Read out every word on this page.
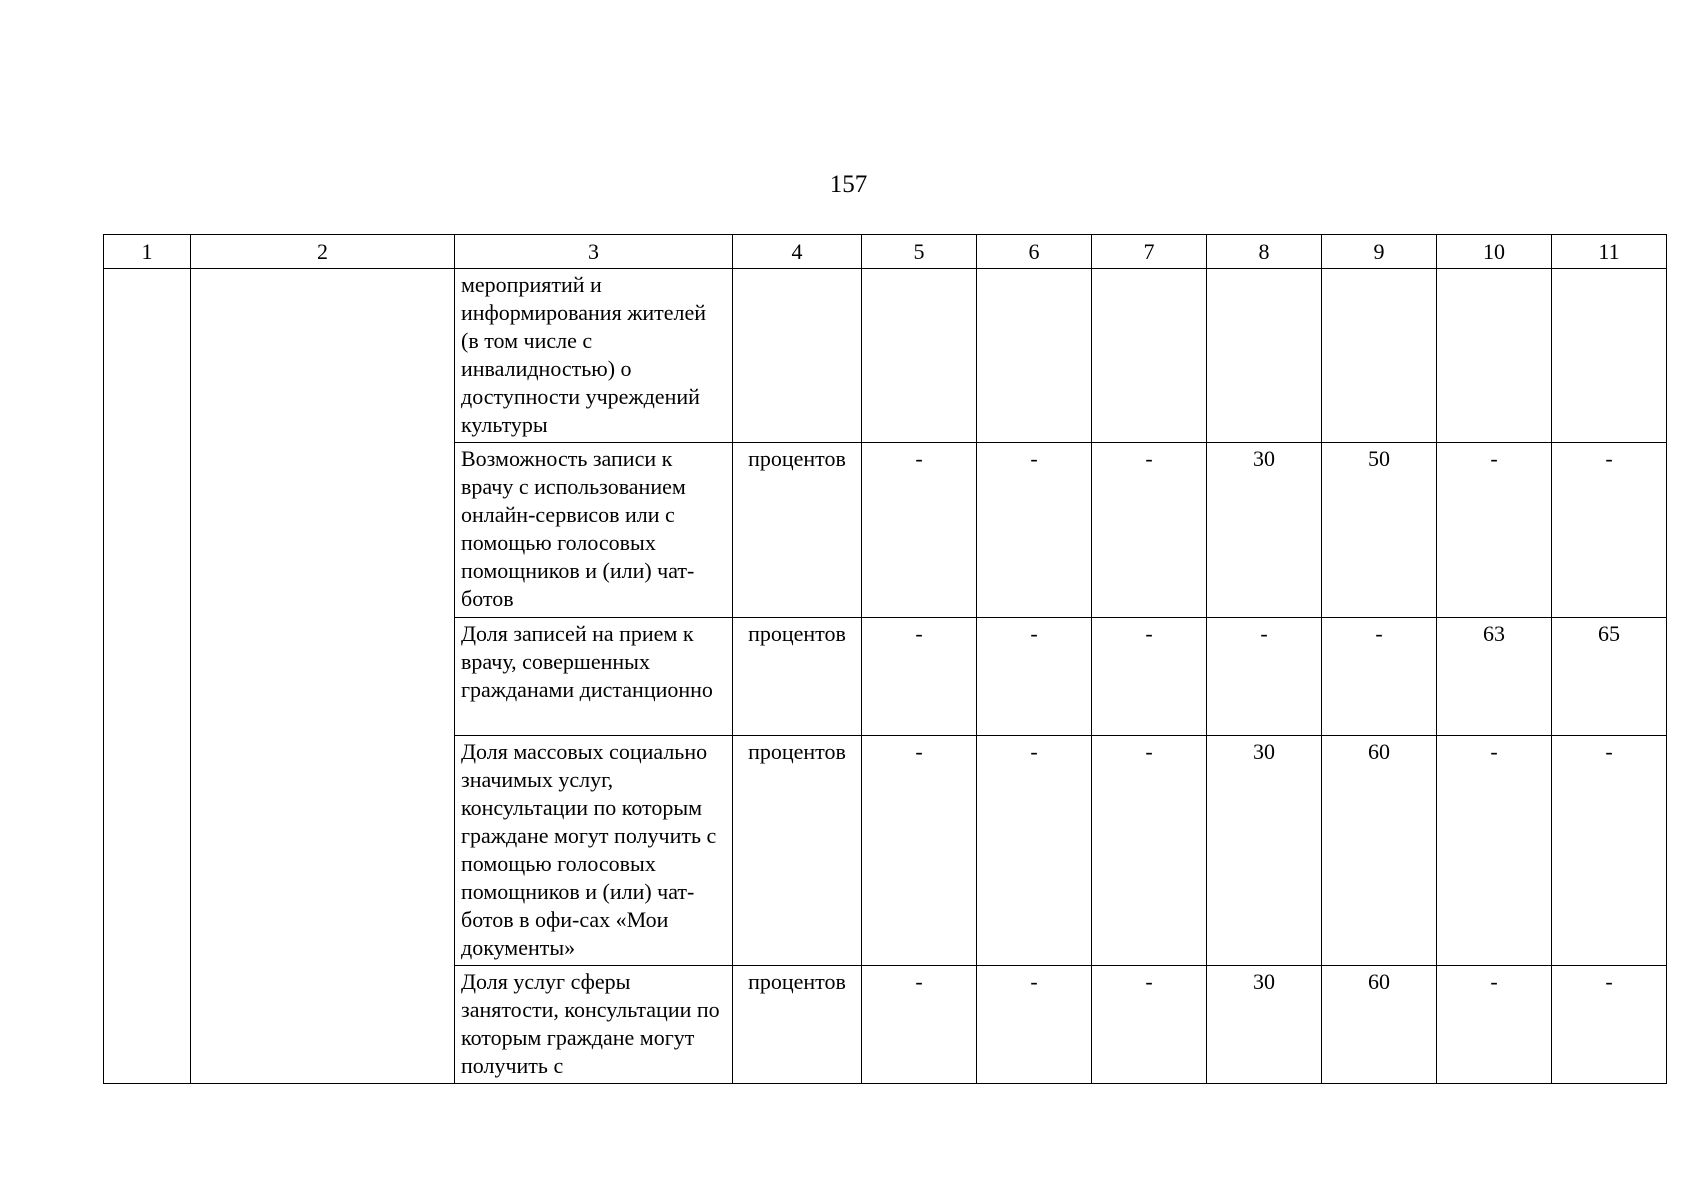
157
1	2	3	4	5	6	7	8	9	10	11
		мероприятий и информирования жителей (в том числе с инвалидностью) о доступности учреждений культуры								
		Возможность записи к врачу с использованием онлайн-сервисов или с помощью голосовых помощников и (или) чат-ботов	процентов	-	-	-	30	50	-	-
		Доля записей на прием к врачу, совершенных гражданами дистанционно	процентов	-	-	-	-	-	63	65
		Доля массовых социально значимых услуг, консультации по которым граждане могут получить с помощью голосовых помощников и (или) чат-ботов в офи-сах «Мои документы»	процентов	-	-	-	30	60	-	-
		Доля услуг сферы занятости, консультации по которым граждане могут получить с	процентов	-	-	-	30	60	-	-
